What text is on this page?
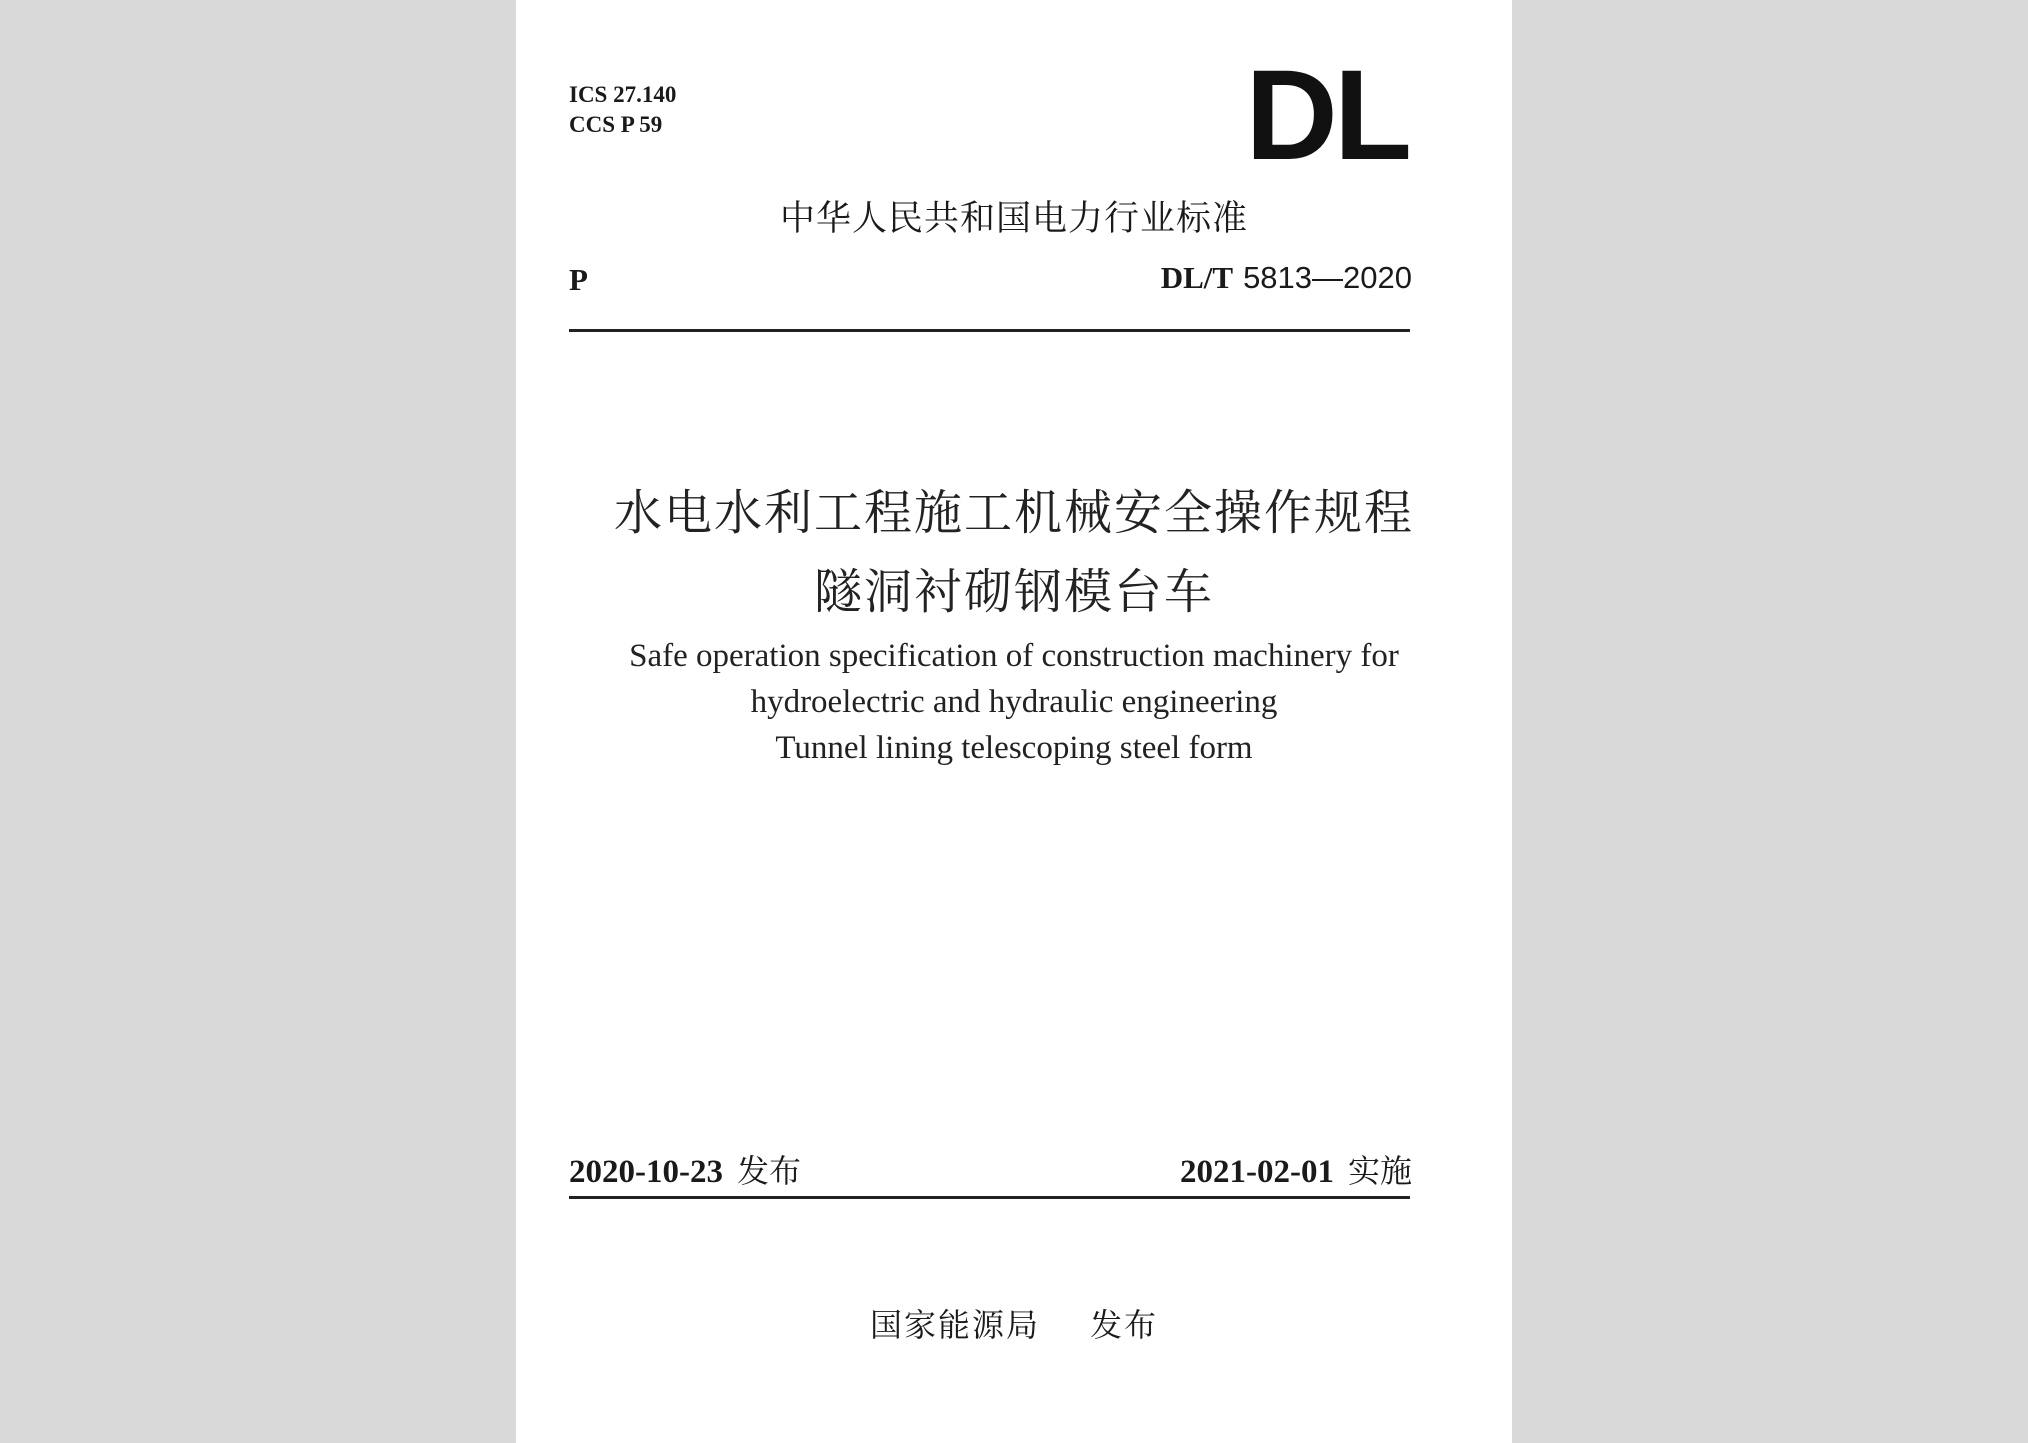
ICS 27.140
CCS P 59	DL
中华人民共和国电力行业标准
P	DL/T 5813—2020
水电水利工程施工机械安全操作规程
隧洞衬砌钢模台车
Safe operation specification of construction machinery for
hydroelectric and hydraulic engineering
Tunnel lining telescoping steel form
2020-10-23 发布	2021-02-01 实施
国家能源局 发布
